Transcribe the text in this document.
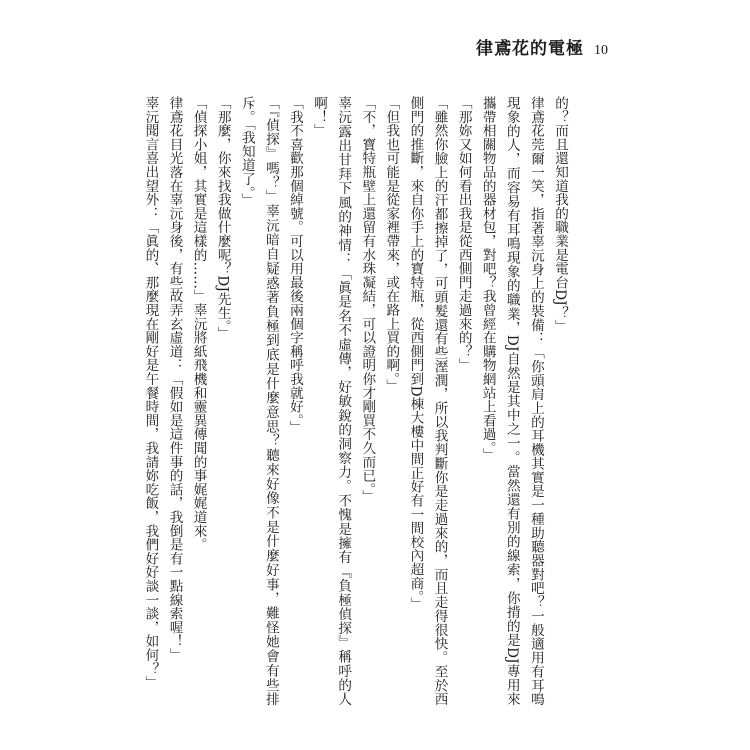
律鳶花的電極 10

的？而且還知道我的職業是電台DJ？」

律鳶花莞爾一笑，指著辜沅身上的裝備：「你頭肩上的耳機其實是一種助聽器對吧？一般適用有耳鳴現象的人，而容易有耳鳴現象的職業，DJ自然是其中之一。當然還有別的線索，你揹的是DJ專用來攜帶相關物品的器材包，對吧？我曾經在購物網站上看過。」

「那妳又如何看出我是從西側門走過來的？」

「雖然你臉上的汗都擦掉了，可頭髮還有些溼潤，所以我判斷你是走過來的，而且走得很快。至於西側門的推斷，來自你手上的寶特瓶，從西側門到D棟大樓中間正好有一間校內超商。」

「但我也可能是從家裡帶來，或在路上買的啊。」

「不，寶特瓶壁上還留有水珠凝結，可以證明你才剛買不久而已。」

辜沅露出甘拜下風的神情：「眞是名不虛傳，好敏銳的洞察力。不愧是擁有『負極偵探』稱呼的人啊！」

「我不喜歡那個綽號。可以用最後兩個字稱呼我就好。」

「『偵探』嗎？」辜沅暗自疑惑著負極到底是什麼意思？聽來好像不是什麼好事，難怪她會有些排斥。「我知道了。」

「那麼，你來找我做什麼呢？DJ先生。」

「偵探小姐，其實是這樣的……」辜沅將紙飛機和靈異傳聞的事娓娓道來。

律鳶花目光落在辜沅身後，有些故弄玄虛道：「假如是這件事的話，我倒是有一點線索喔！」

辜沅聞言喜出望外：「眞的、那麼現在剛好是午餐時間，我請妳吃飯，我們好好談一談，如何？」
